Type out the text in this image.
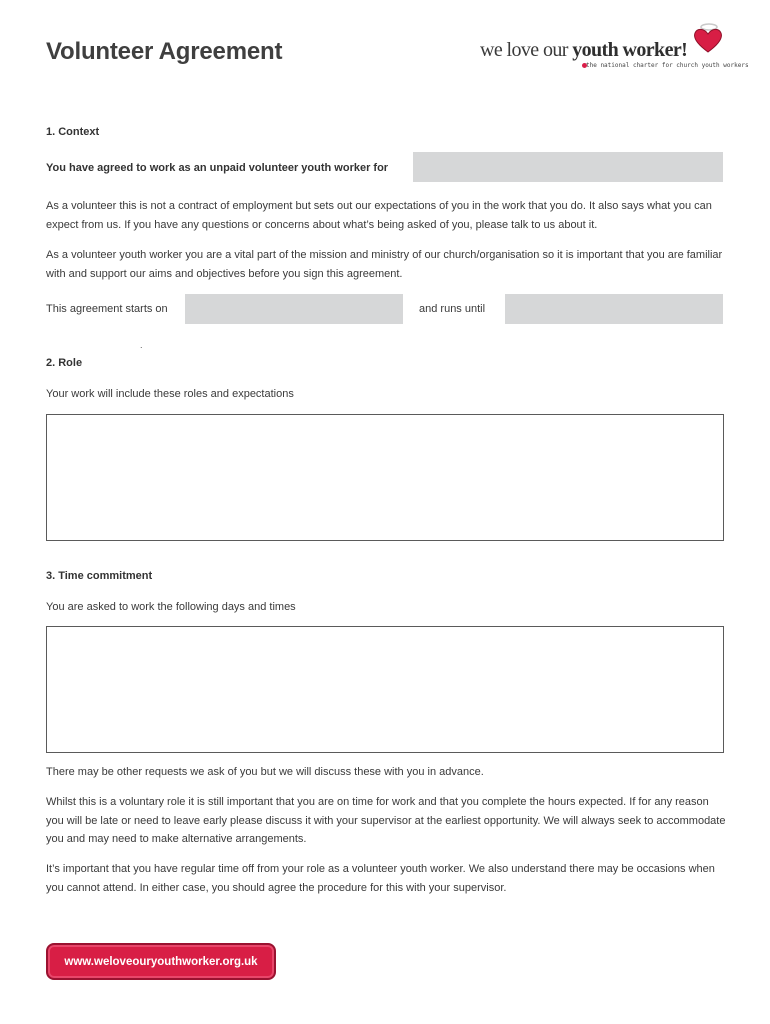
Volunteer Agreement	we love our youth worker!
the national charter for church youth workers
1. Context
You have agreed to work as an unpaid volunteer youth worker for
As a volunteer this is not a contract of employment but sets out our expectations of you in the work that you do. It also says what you can expect from us. If you have any questions or concerns about what’s being asked of you, please talk to us about it.
As a volunteer youth worker you are a vital part of the mission and ministry of our church/organisation so it is important that you are familiar with and support our aims and objectives before you sign this agreement.
This agreement starts on	and runs until
.
2. Role
Your work will include these roles and expectations
3. Time commitment
You are asked to work the following days and times
There may be other requests we ask of you but we will discuss these with you in advance.
Whilst this is a voluntary role it is still important that you are on time for work and that you complete the hours expected. If for any reason you will be late or need to leave early please discuss it with your supervisor at the earliest opportunity. We will always seek to accommodate you and may need to make alternative arrangements.
It’s important that you have regular time off from your role as a volunteer youth worker. We also understand there may be occasions when you cannot attend. In either case, you should agree the procedure for this with your supervisor.
www.weloveouryouthworker.org.uk
